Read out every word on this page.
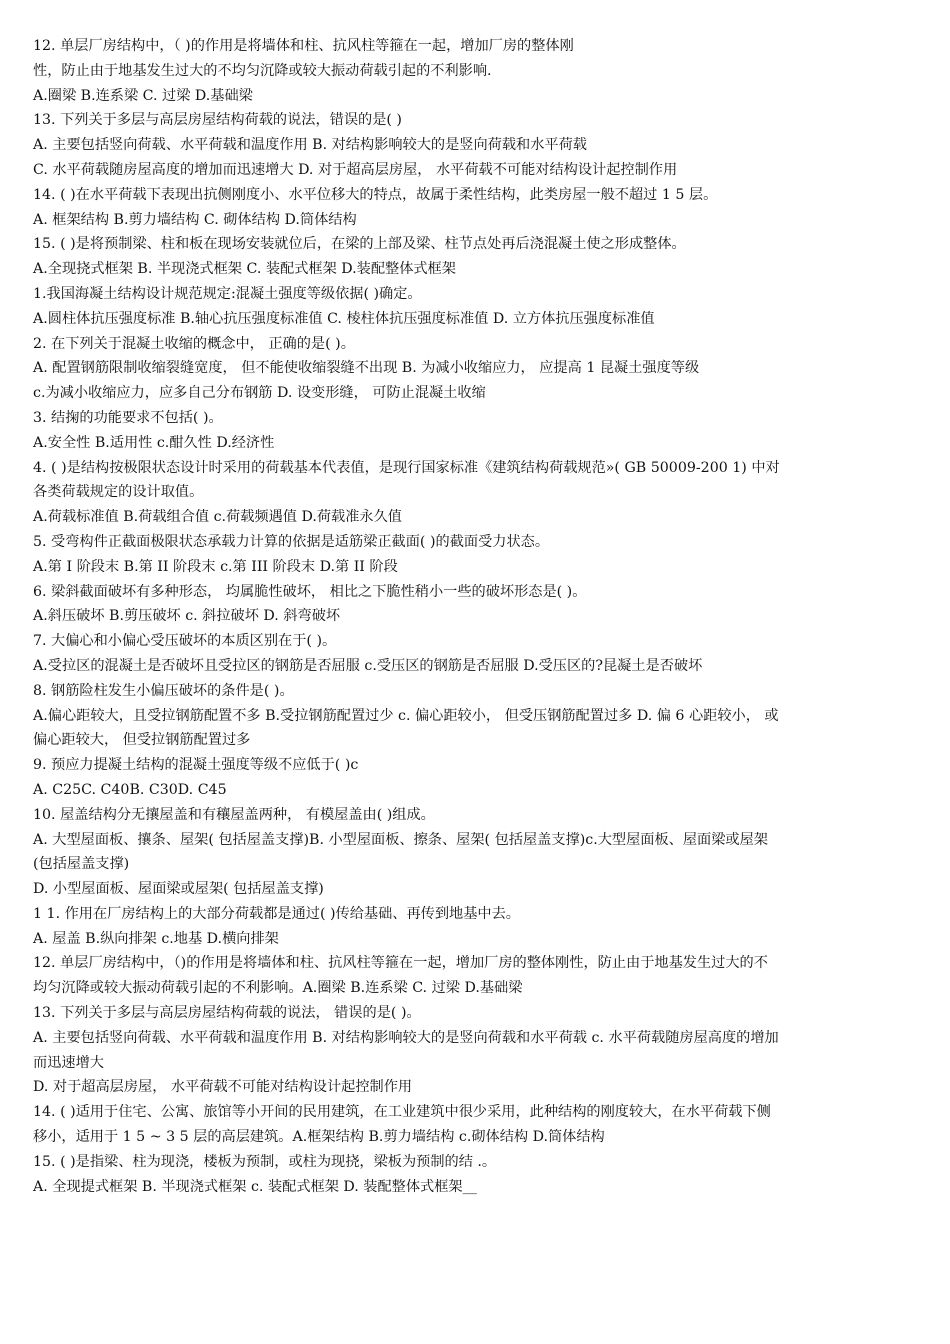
12. 单层厂房结构中，（ )的作用是将墙体和柱、抗风柱等箍在一起，增加厂房的整体刚
性，防止由于地基发生过大的不均匀沉降或较大振动荷载引起的不利影响.
A.圈梁 B.连系梁 C. 过梁 D.基础梁
13. 下列关于多层与高层房屋结构荷载的说法，错误的是( )
A. 主要包括竖向荷载、水平荷载和温度作用 B. 对结构影响较大的是竖向荷载和水平荷载
C. 水平荷载随房屋高度的增加而迅速增大 D. 对于超高层房屋， 水平荷载不可能对结构设计起控制作用
14. ( )在水平荷载下表现出抗侧刚度小、水平位移大的特点，故属于柔性结构，此类房屋一般不超过 1 5 层。
A. 框架结构 B.剪力墙结构 C. 砌体结构 D.筒体结构
15. ( )是将预制梁、柱和板在现场安装就位后，在梁的上部及梁、柱节点处再后浇混凝土使之形成整体。
A.全现挠式框架 B. 半现浇式框架 C. 装配式框架 D.装配整体式框架
1.我国海凝土结构设计规范规定:混凝土强度等级依据( )确定。
A.圆柱体抗压强度标准 B.轴心抗压强度标准值 C. 棱柱体抗压强度标准值 D. 立方体抗压强度标准值
2. 在下列关于混凝土收缩的概念中， 正确的是( )。
A. 配置钢筋限制收缩裂缝宽度， 但不能使收缩裂缝不出现 B. 为减小收缩应力， 应提高 1 昆凝土强度等级
c.为减小收缩应力，应多自己分布钢筋 D. 设变形缝， 可防止混凝土收缩
3. 结掬的功能要求不包括( )。
A.安全性 B.适用性 c.酣久性 D.经济性
4. ( )是结构按极限状态设计时采用的荷载基本代表值，是现行国家标准《建筑结构荷载规范»( GB 50009-200 1) 中对
各类荷载规定的设计取值。
A.荷载标准值 B.荷载组合值 c.荷载频遇值 D.荷载准永久值
5. 受弯构件正截面极限状态承载力计算的依据是适筋梁正截面( )的截面受力状态。
A.第 I 阶段末 B.第 II 阶段末 c.第 III 阶段末 D.第 II 阶段
6. 梁斜截面破坏有多种形态， 均属脆性破坏， 相比之下脆性稍小一些的破坏形态是( )。
A.斜压破坏 B.剪压破坏 c. 斜拉破坏 D. 斜弯破坏
7. 大偏心和小偏心受压破坏的本质区别在于( )。
A.受拉区的混凝土是否破坏且受拉区的钢筋是否屈服 c.受压区的钢筋是否屈服 D.受压区的?昆凝土是否破坏
8. 钢筋险柱发生小偏压破坏的条件是( )。
A.偏心距较大，且受拉钢筋配置不多 B.受拉钢筋配置过少 c. 偏心距较小， 但受压钢筋配置过多 D. 偏 6 心距较小， 或
偏心距较大， 但受拉钢筋配置过多
9. 预应力提凝土结构的混凝土强度等级不应低于( )c
A. C25C. C40B. C30D. C45
10. 屋盖结构分无攘屋盖和有穰屋盖两种， 有模屋盖由( )组成。
A. 大型屋面板、攘条、屋架( 包括屋盖支撑)B. 小型屋面板、擦条、屋架( 包括屋盖支撑)c.大型屋面板、屋面梁或屋架
(包括屋盖支撑)
D. 小型屋面板、屋面梁或屋架( 包括屋盖支撑)
1 1. 作用在厂房结构上的大部分荷载都是通过( )传给基础、再传到地基中去。
A. 屋盖 B.纵向排架 c.地基 D.横向排架
12. 单层厂房结构中，（)的作用是将墙体和柱、抗风柱等箍在一起，增加厂房的整体刚性，防止由于地基发生过大的不
均匀沉降或较大振动荷载引起的不利影响。A.圈梁 B.连系梁 C. 过梁 D.基础梁
13. 下列关于多层与高层房屋结构荷载的说法， 错误的是( )。
A. 主要包括竖向荷载、水平荷载和温度作用 B. 对结构影响较大的是竖向荷载和水平荷载 c. 水平荷载随房屋高度的增加
而迅速增大
D. 对于超高层房屋， 水平荷载不可能对结构设计起控制作用
14. ( )适用于住宅、公寓、旅馆等小开间的民用建筑，在工业建筑中很少采用，此种结构的刚度较大，在水平荷载下侧
移小，适用于 1 5 ~ 3 5 层的高层建筑。A.框架结构 B.剪力墙结构 c.砌体结构 D.筒体结构
15. ( )是指梁、柱为现浇，楼板为预制，或柱为现挠，梁板为预制的结 .。
A. 全现提式框架 B. 半现浇式框架 c. 装配式框架 D. 装配整体式框架__
